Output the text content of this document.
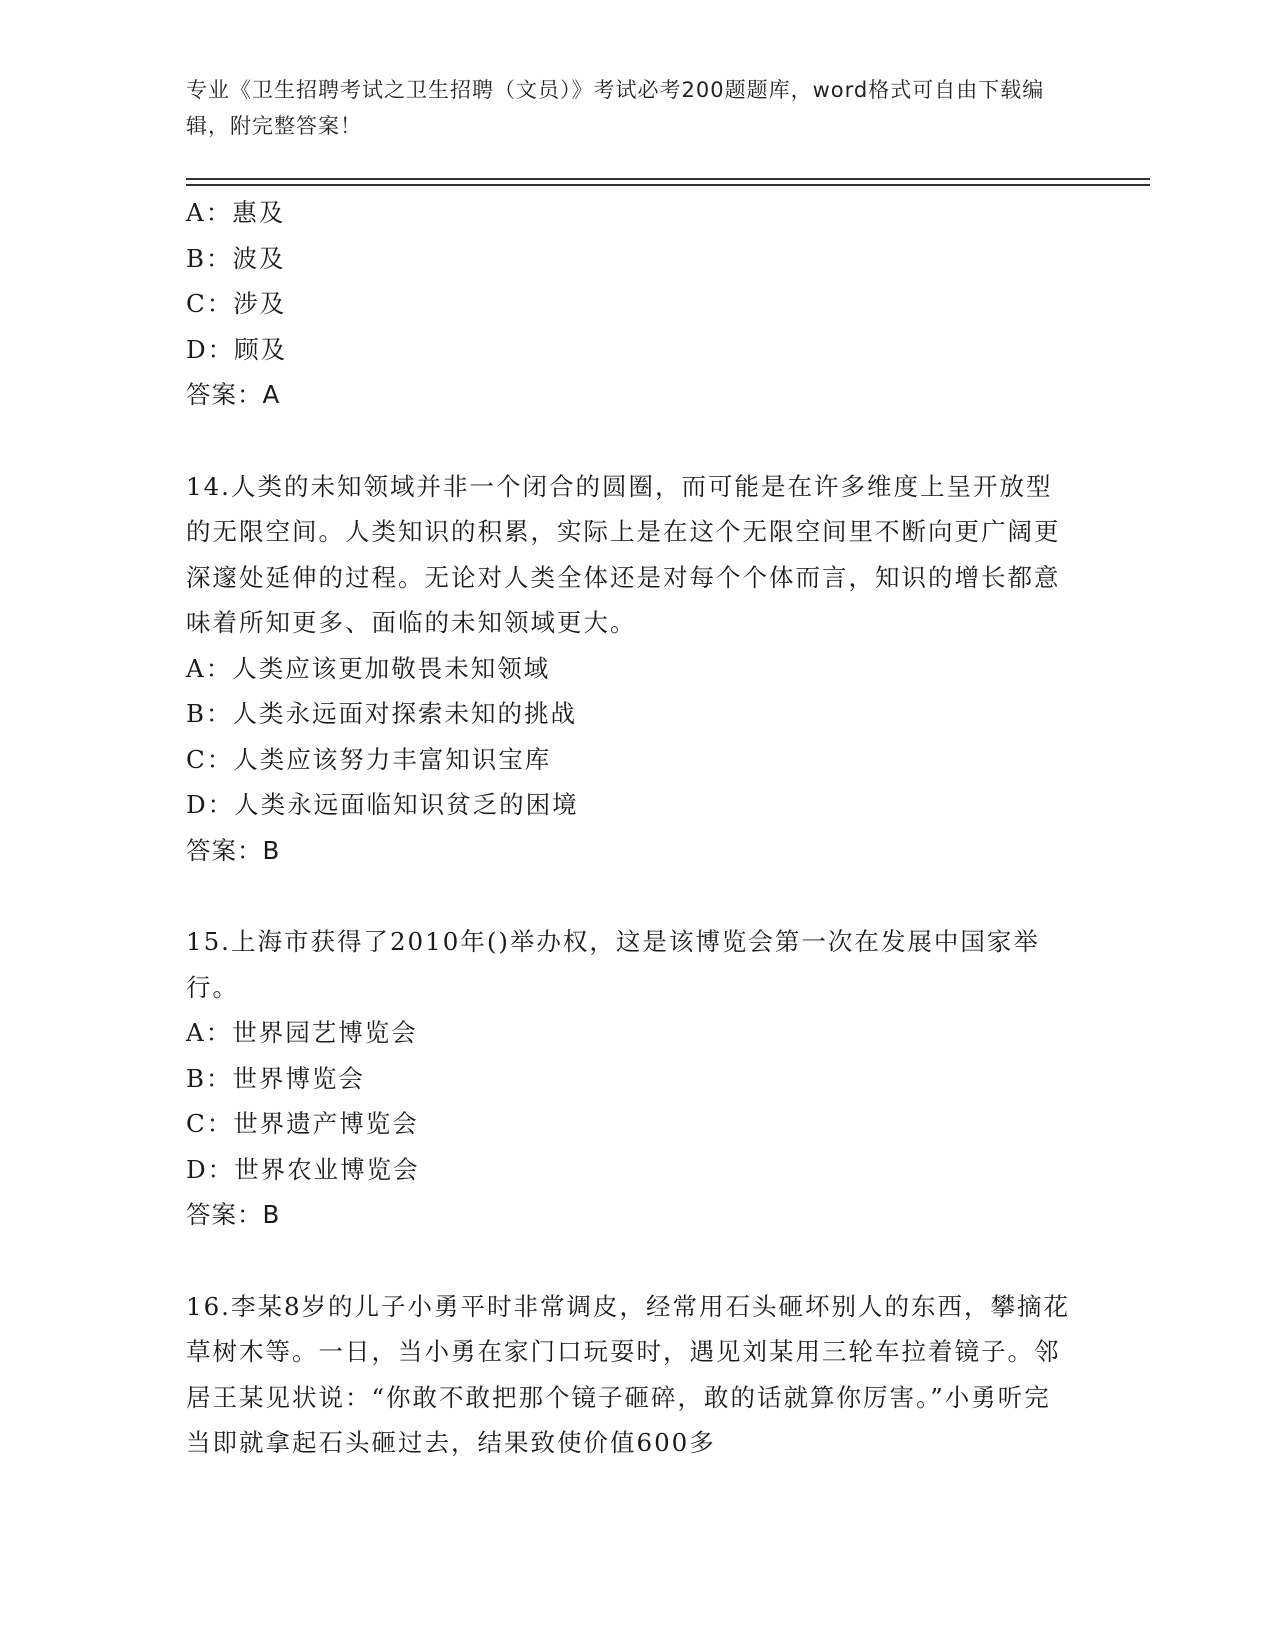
专业《卫生招聘考试之卫生招聘（文员）》考试必考200题题库，word格式可自由下载编辑，附完整答案！
A：惠及
B：波及
C：涉及
D：顾及
答案：A
14.人类的未知领域并非一个闭合的圆圈，而可能是在许多维度上呈开放型的无限空间。人类知识的积累，实际上是在这个无限空间里不断向更广阔更深邃处延伸的过程。无论对人类全体还是对每个个体而言，知识的增长都意味着所知更多、面临的未知领域更大。
A：人类应该更加敬畏未知领域
B：人类永远面对探索未知的挑战
C：人类应该努力丰富知识宝库
D：人类永远面临知识贫乏的困境
答案：B
15.上海市获得了2010年()举办权，这是该博览会第一次在发展中国家举行。
A：世界园艺博览会
B：世界博览会
C：世界遗产博览会
D：世界农业博览会
答案：B
16.李某8岁的儿子小勇平时非常调皮，经常用石头砸坏别人的东西，攀摘花草树木等。一日，当小勇在家门口玩耍时，遇见刘某用三轮车拉着镜子。邻居王某见状说：“你敢不敢把那个镜子砸碎，敢的话就算你厉害。”小勇听完当即就拿起石头砸过去，结果致使价值600多
